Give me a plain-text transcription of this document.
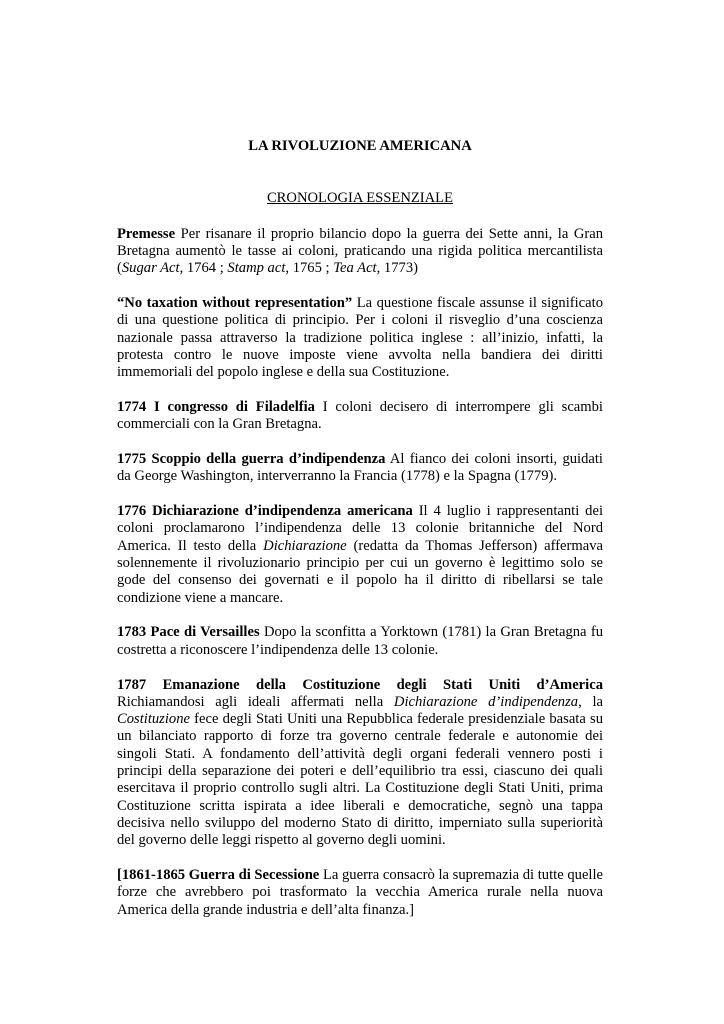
LA RIVOLUZIONE AMERICANA
CRONOLOGIA ESSENZIALE

Premesse Per risanare il proprio bilancio dopo la guerra dei Sette anni, la Gran Bretagna aumentò le tasse ai coloni, praticando una rigida politica mercantilista (Sugar Act, 1764 ; Stamp act, 1765 ; Tea Act, 1773)

“No taxation without representation” La questione fiscale assunse il significato di una questione politica di principio. Per i coloni il risveglio d’una coscienza nazionale passa attraverso la tradizione politica inglese : all’inizio, infatti, la protesta contro le nuove imposte viene avvolta nella bandiera dei diritti immemoriali del popolo inglese e della sua Costituzione.

1774 I congresso di Filadelfia I coloni decisero di interrompere gli scambi commerciali con la Gran Bretagna.

1775 Scoppio della guerra d’indipendenza Al fianco dei coloni insorti, guidati da George Washington, interverranno la Francia (1778) e la Spagna (1779).

1776 Dichiarazione d’indipendenza americana Il 4 luglio i rappresentanti dei coloni proclamarono l’indipendenza delle 13 colonie britanniche del Nord America. Il testo della Dichiarazione (redatta da Thomas Jefferson) affermava solennemente il rivoluzionario principio per cui un governo è legittimo solo se gode del consenso dei governati e il popolo ha il diritto di ribellarsi se tale condizione viene a mancare.

1783 Pace di Versailles Dopo la sconfitta a Yorktown (1781) la Gran Bretagna fu costretta a riconoscere l’indipendenza delle 13 colonie.

1787 Emanazione della Costituzione degli Stati Uniti d’America Richiamandosi agli ideali affermati nella Dichiarazione d’indipendenza, la Costituzione fece degli Stati Uniti una Repubblica federale presidenziale basata su un bilanciato rapporto di forze tra governo centrale federale e autonomie dei singoli Stati. A fondamento dell’attività degli organi federali vennero posti i principi della separazione dei poteri e dell’equilibrio tra essi, ciascuno dei quali esercitava il proprio controllo sugli altri. La Costituzione degli Stati Uniti, prima Costituzione scritta ispirata a idee liberali e democratiche, segnò una tappa decisiva nello sviluppo del moderno Stato di diritto, imperniato sulla superiorità del governo delle leggi rispetto al governo degli uomini.

[1861-1865 Guerra di Secessione La guerra consacrò la supremazia di tutte quelle forze che avrebbero poi trasformato la vecchia America rurale nella nuova America della grande industria e dell’alta finanza.]
